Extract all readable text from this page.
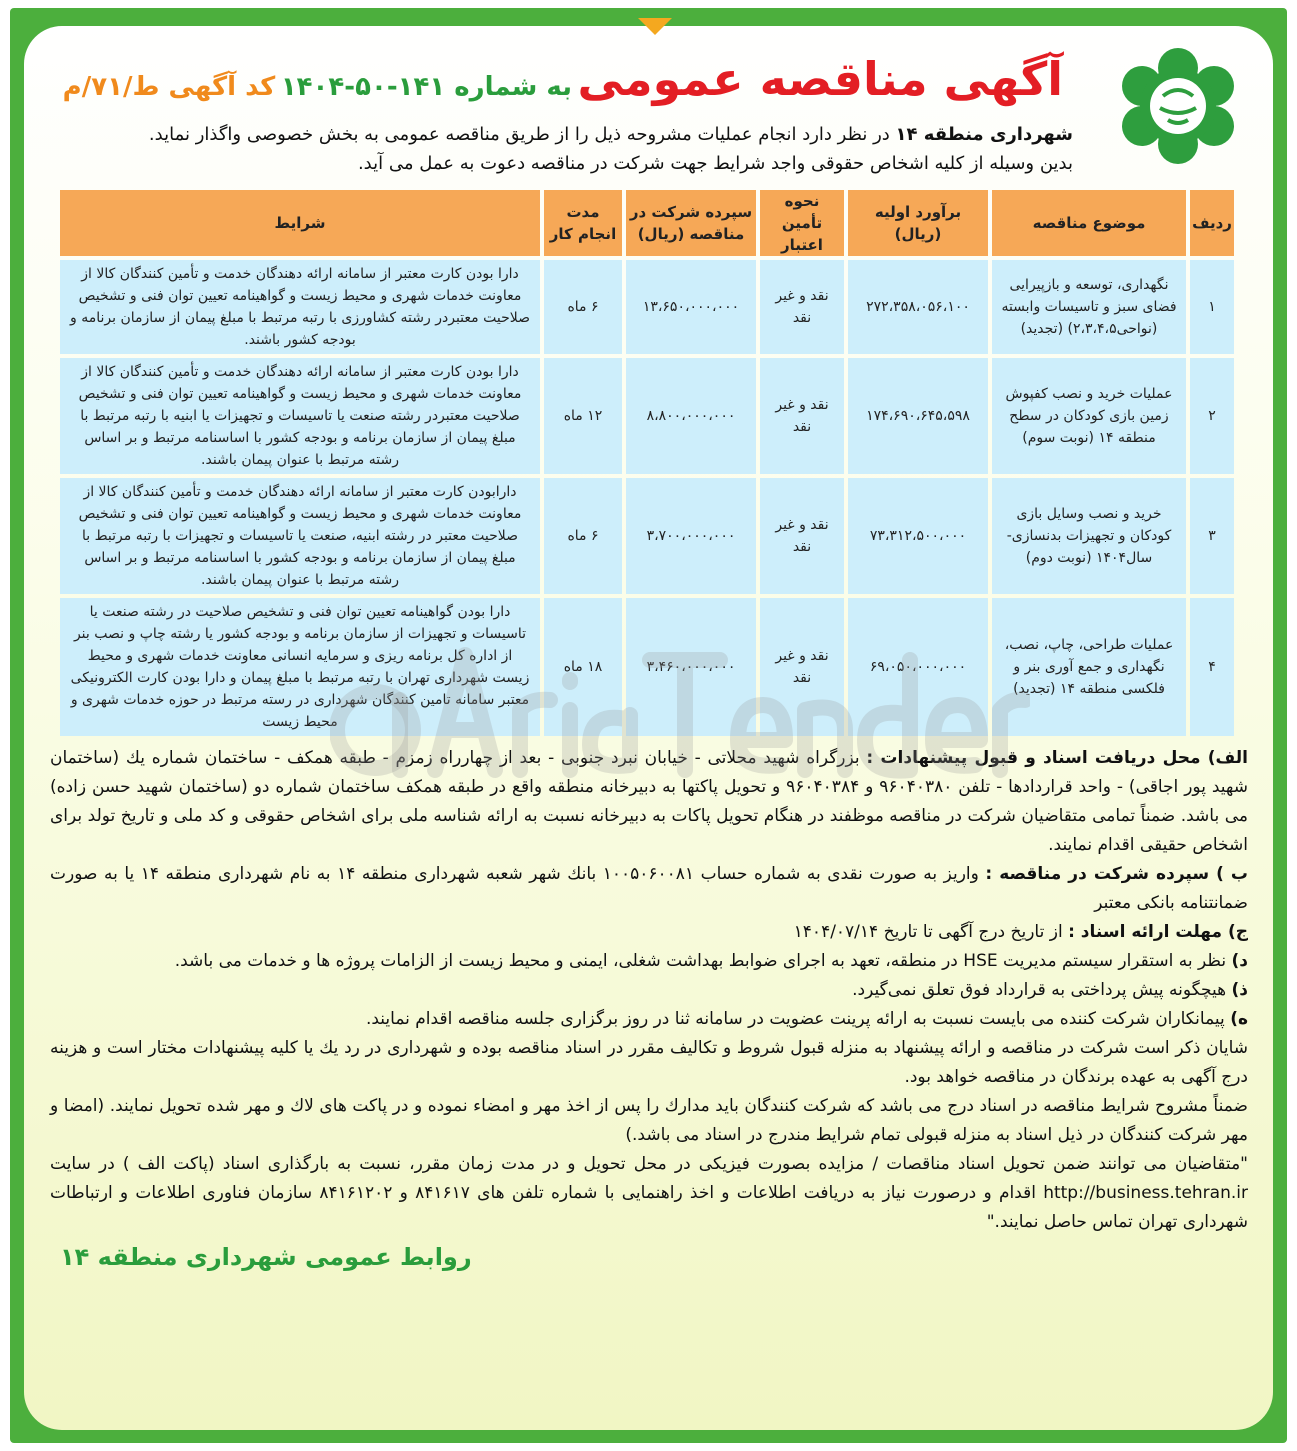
آگهی مناقصه عمومی به شماره ۱۴۱-۵۰-۱۴۰۴ کد آگهی ط/۷۱/م
شهرداری منطقه ۱۴ در نظر دارد انجام عملیات مشروحه ذیل را از طریق مناقصه عمومی به بخش خصوصی واگذار نماید.
بدین وسیله از کلیه اشخاص حقوقی واجد شرایط جهت شرکت در مناقصه دعوت به عمل می آید.
ردیف	موضوع مناقصه	برآورد اولیه (ریال)	نحوه تأمین اعتبار	سپرده شرکت در مناقصه (ریال)	مدت انجام کار	شرایط
۱	نگهداری، توسعه و بازپیرایی فضای سبز و تاسیسات وابسته (نواحی۲،۳،۴،۵) (تجدید)	۲۷۲،۳۵۸،۰۵۶،۱۰۰	نقد و غیر نقد	۱۳،۶۵۰،۰۰۰،۰۰۰	۶ ماه	دارا بودن کارت معتبر از سامانه ارائه دهندگان خدمت و تأمین کنندگان کالا از معاونت خدمات شهری و محیط زیست و گواهینامه تعیین توان فنی و تشخیص صلاحیت معتبردر رشته کشاورزی با رتبه مرتبط با مبلغ پیمان از سازمان برنامه و بودجه کشور باشند.
۲	عملیات خرید و نصب کفپوش زمین بازی کودکان در سطح منطقه ۱۴ (نوبت سوم)	۱۷۴،۶۹۰،۶۴۵،۵۹۸	نقد و غیر نقد	۸،۸۰۰،۰۰۰،۰۰۰	۱۲ ماه	دارا بودن کارت معتبر از سامانه ارائه دهندگان خدمت و تأمین کنندگان کالا از معاونت خدمات شهری و محیط زیست و گواهینامه تعیین توان فنی و تشخیص صلاحیت معتبردر رشته صنعت یا تاسیسات و تجهیزات یا ابنیه با رتبه مرتبط با مبلغ پیمان از سازمان برنامه و بودجه کشور با اساسنامه مرتبط و بر اساس رشته مرتبط با عنوان پیمان باشند.
۳	خرید و نصب وسایل بازی کودکان و تجهیزات بدنسازی- سال۱۴۰۴ (نوبت دوم)	۷۳،۳۱۲،۵۰۰،۰۰۰	نقد و غیر نقد	۳،۷۰۰،۰۰۰،۰۰۰	۶ ماه	دارابودن کارت معتبر از سامانه ارائه دهندگان خدمت و تأمین کنندگان کالا از معاونت خدمات شهری و محیط زیست و گواهینامه تعیین توان فنی و تشخیص صلاحیت معتبر در رشته ابنیه، صنعت یا تاسیسات و تجهیزات با رتبه مرتبط با مبلغ پیمان از سازمان برنامه و بودجه کشور با اساسنامه مرتبط و بر اساس رشته مرتبط با عنوان پیمان باشند.
۴	عملیات طراحی، چاپ، نصب، نگهداری و جمع آوری بنر و فلکسی منطقه ۱۴ (تجدید)	۶۹،۰۵۰،۰۰۰،۰۰۰	نقد و غیر نقد	۳،۴۶۰،۰۰۰،۰۰۰	۱۸ ماه	دارا بودن گواهینامه تعیین توان فنی و تشخیص صلاحیت در رشته صنعت یا تاسیسات و تجهیزات از سازمان برنامه و بودجه کشور یا رشته چاپ و نصب بنر از اداره کل برنامه ریزی و سرمایه انسانی معاونت خدمات شهری و محیط زیست شهرداری تهران با رتبه مرتبط با مبلغ پیمان و دارا بودن کارت الکترونیکی معتبر سامانه تامین کنندگان شهرداری در رسته مرتبط در حوزه خدمات شهری و محیط زیست

الف) محل دریافت اسناد و قبول پیشنهادات : بزرگراه شهید محلاتی - خیابان نبرد جنوبی - بعد از چهارراه زمزم - طبقه همکف - ساختمان شماره یك (ساختمان شهید پور اجاقی) - واحد قراردادها - تلفن ۹۶۰۴۰۳۸۰ و ۹۶۰۴۰۳۸۴ و تحویل پاکتها به دبیرخانه منطقه واقع در طبقه همکف ساختمان شماره دو (ساختمان شهید حسن زاده) می باشد. ضمناً تمامی متقاضیان شرکت در مناقصه موظفند در هنگام تحویل پاکات به دبیرخانه نسبت به ارائه شناسه ملی برای اشخاص حقوقی و کد ملی و تاریخ تولد برای اشخاص حقیقی اقدام نمایند.

ب ) سپرده شرکت در مناقصه : واریز به صورت نقدی به شماره حساب ۱۰۰۵۰۶۰۰۸۱ بانك شهر شعبه شهرداری منطقه ۱۴ به نام شهرداری منطقه ۱۴ یا به صورت ضمانتنامه بانکی معتبر

ج) مهلت ارائه اسناد : از تاریخ درج آگهی تا تاریخ ۱۴۰۴/۰۷/۱۴

د) نظر به استقرار سیستم مدیریت HSE در منطقه، تعهد به اجرای ضوابط بهداشت شغلی، ایمنی و محیط زیست از الزامات پروژه ها و خدمات می باشد.

ذ) هیچگونه پیش پرداختی به قرارداد فوق تعلق نمی‌گیرد.

ه) پیمانکاران شرکت کننده می بایست نسبت به ارائه پرینت عضویت در سامانه ثنا در روز برگزاری جلسه مناقصه اقدام نمایند.

شایان ذکر است شرکت در مناقصه و ارائه پیشنهاد به منزله قبول شروط و تکالیف مقرر در اسناد مناقصه بوده و شهرداری در رد یك یا کلیه پیشنهادات مختار است و هزینه درج آگهی به عهده برندگان در مناقصه خواهد بود.

ضمناً مشروح شرایط مناقصه در اسناد درج می باشد که شرکت کنندگان باید مدارك را پس از اخذ مهر و امضاء نموده و در پاکت های لاك و مهر شده تحویل نمایند. (امضا و مهر شرکت کنندگان در ذیل اسناد به منزله قبولی تمام شرایط مندرج در اسناد می باشد.)

"متقاضیان می توانند ضمن تحویل اسناد مناقصات / مزایده بصورت فیزیکی در محل تحویل و در مدت زمان مقرر، نسبت به بارگذاری اسناد (پاکت الف ) در سایت http://business.tehran.ir اقدام و درصورت نیاز به دریافت اطلاعات و اخذ راهنمایی با شماره تلفن های ۸۴۱۶۱۷ و ۸۴۱۶۱۲۰۲ سازمان فناوری اطلاعات و ارتباطات شهرداری تهران تماس حاصل نمایند."

روابط عمومی شهرداری منطقه ۱۴
